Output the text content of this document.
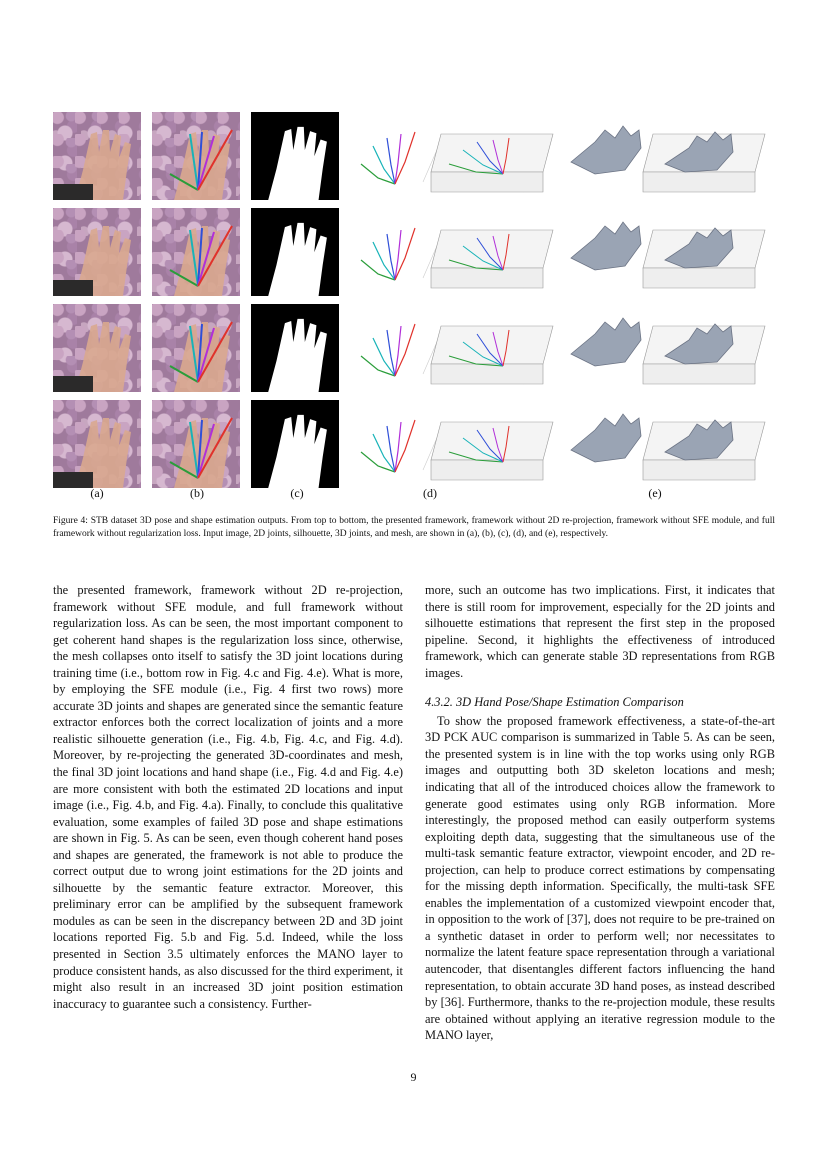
(a)	(b)	(c)	(d)	(e)
Figure 4: STB dataset 3D pose and shape estimation outputs. From top to bottom, the presented framework, framework without 2D re-projection, framework without SFE module, and full framework without regularization loss. Input image, 2D joints, silhouette, 3D joints, and mesh, are shown in (a), (b), (c), (d), and (e), respectively.

the presented framework, framework without 2D re-projection, framework without SFE module, and full framework without regularization loss. As can be seen, the most important component to get coherent hand shapes is the regularization loss since, otherwise, the mesh collapses onto itself to satisfy the 3D joint locations during training time (i.e., bottom row in Fig. 4.c and Fig. 4.e). What is more, by employing the SFE module (i.e., Fig. 4 first two rows) more accurate 3D joints and shapes are generated since the semantic feature extractor enforces both the correct localization of joints and a more realistic silhouette generation (i.e., Fig. 4.b, Fig. 4.c, and Fig. 4.d). Moreover, by re-projecting the generated 3D-coordinates and mesh, the final 3D joint locations and hand shape (i.e., Fig. 4.d and Fig. 4.e) are more consistent with both the estimated 2D locations and input image (i.e., Fig. 4.b, and Fig. 4.a). Finally, to conclude this qualitative evaluation, some examples of failed 3D pose and shape estimations are shown in Fig. 5. As can be seen, even though coherent hand poses and shapes are generated, the framework is not able to produce the correct output due to wrong joint estimations for the 2D joints and silhouette by the semantic feature extractor. Moreover, this preliminary error can be amplified by the subsequent framework modules as can be seen in the discrepancy between 2D and 3D joint locations reported Fig. 5.b and Fig. 5.d. Indeed, while the loss presented in Section 3.5 ultimately enforces the MANO layer to produce consistent hands, as also discussed for the third experiment, it might also result in an increased 3D joint position estimation inaccuracy to guarantee such a consistency. Further-

more, such an outcome has two implications. First, it indicates that there is still room for improvement, especially for the 2D joints and silhouette estimations that represent the first step in the proposed pipeline. Second, it highlights the effectiveness of introduced framework, which can generate stable 3D representations from RGB images.

4.3.2. 3D Hand Pose/Shape Estimation Comparison

To show the proposed framework effectiveness, a state-of-the-art 3D PCK AUC comparison is summarized in Table 5. As can be seen, the presented system is in line with the top works using only RGB images and outputting both 3D skeleton locations and mesh; indicating that all of the introduced choices allow the framework to generate good estimates using only RGB information. More interestingly, the proposed method can easily outperform systems exploiting depth data, suggesting that the simultaneous use of the multi-task semantic feature extractor, viewpoint encoder, and 2D re-projection, can help to produce correct estimations by compensating for the missing depth information. Specifically, the multi-task SFE enables the implementation of a customized viewpoint encoder that, in opposition to the work of [37], does not require to be pre-trained on a synthetic dataset in order to perform well; nor necessitates to normalize the latent feature space representation through a variational autencoder, that disentangles different factors influencing the hand representation, to obtain accurate 3D hand poses, as instead described by [36]. Furthermore, thanks to the re-projection module, these results are obtained without applying an iterative regression module to the MANO layer,

9
